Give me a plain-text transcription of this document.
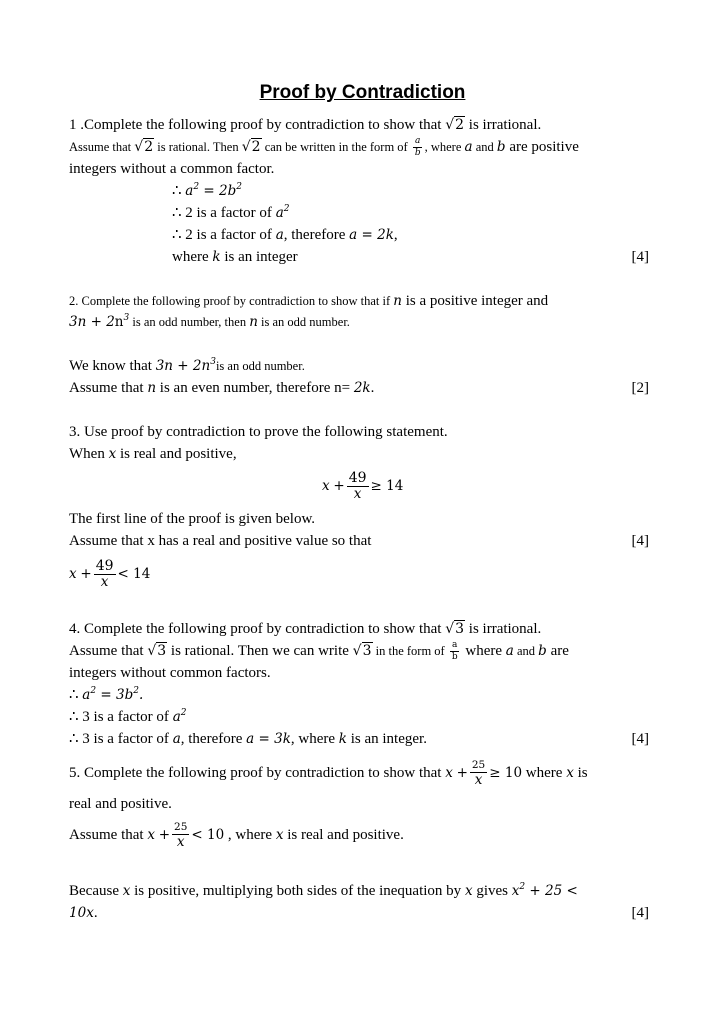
Proof by Contradiction
1 .Complete the following proof by contradiction to show that √2 is irrational.
Assume that √2 is rational. Then √2 can be written in the form of $\frac{a}{b}$ , where a and b are positive
integers without a common factor.
∴ $a^2 = 2b^2$
∴ 2 is a factor of $a^2$
∴ 2 is a factor of a, therefore a = 2k,
where k is an integer	[4]
2. Complete the following proof by contradiction to show that if n is a positive integer and
$3n + 2n^3$ is an odd number, then n is an odd number.
We know that $3n + 2n^3is$ an odd number.
Assume that n is an even number, therefore n= 2k.	[2]
3. Use proof by contradiction to prove the following statement.
When x is real and positive,
$x + \frac{49}{x} \ge 14$
The first line of the proof is given below.
Assume that x has a real and positive value so that	[4]
$x + \frac{49}{x} < 14$
4. Complete the following proof by contradiction to show that √3 is irrational.
Assume that √3 is rational. Then we can write √3 in the form of $\frac{a}{b}$ where a and b are
integers without common factors.
∴ $a^2 = 3b^2$.
∴ 3 is a factor of $a^2$
∴ 3 is a factor of a, therefore a = 3k, where k is an integer.	[4]
5. Complete the following proof by contradiction to show that $x + \frac{25}{x} \ge 10$ where x is
real and positive.
Assume that $x + \frac{25}{x} < 10$ , where x is real and positive.
Because x is positive, multiplying both sides of the inequation by x gives $x^2 + 25$ <
10x.	[4]
